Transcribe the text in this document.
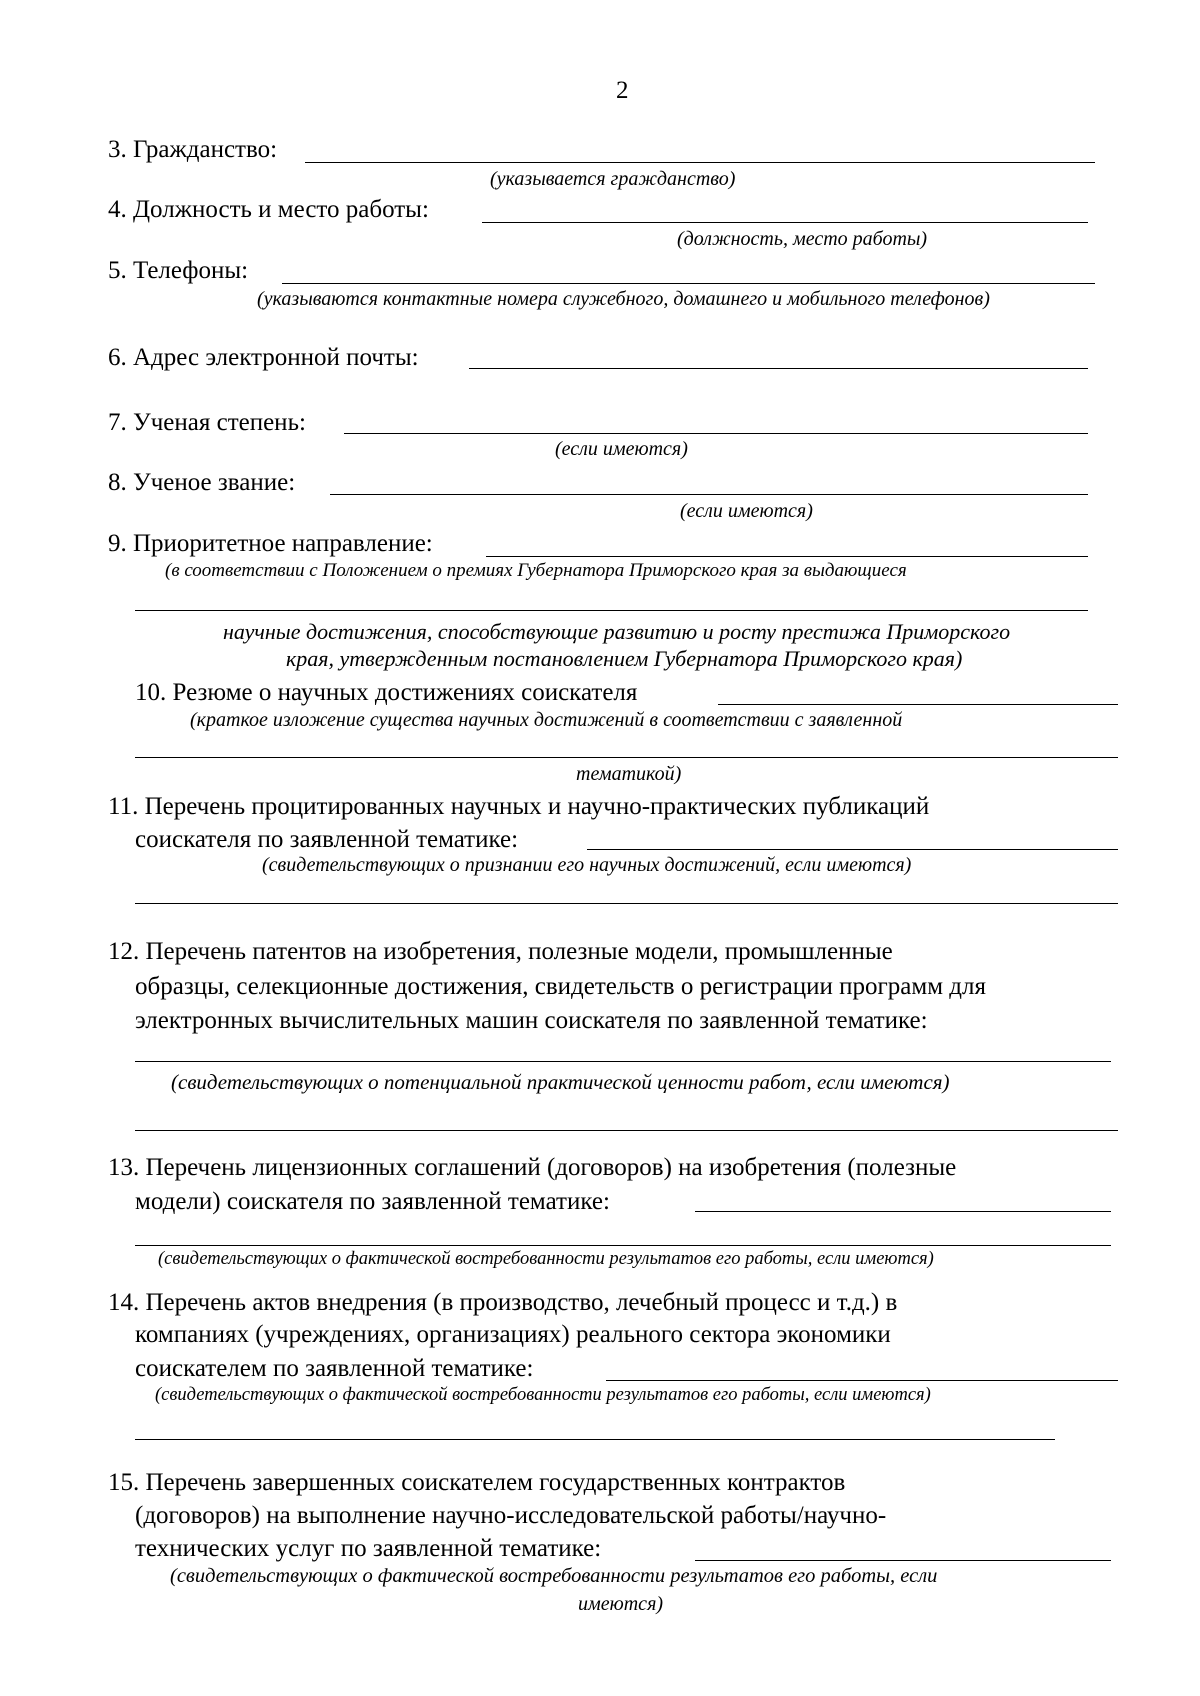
2
3. Гражданство:
(указывается гражданство)
4. Должность и место работы:
(должность, место работы)
5. Телефоны:
(указываются контактные номера служебного, домашнего и мобильного телефонов)
6. Адрес электронной почты:
7. Ученая степень:
(если имеются)
8. Ученое звание:
(если имеются)
9. Приоритетное направление:
(в соответствии с Положением о премиях Губернатора Приморского края за выдающиеся
научные достижения, способствующие развитию и росту престижа Приморского
края, утвержденным постановлением Губернатора Приморского края)
10. Резюме о научных достижениях соискателя
(краткое изложение существа научных достижений в соответствии с заявленной
тематикой)
11. Перечень процитированных научных и научно-практических публикаций
соискателя по заявленной тематике:
(свидетельствующих о признании его научных достижений, если имеются)
12. Перечень патентов на изобретения, полезные модели, промышленные
образцы, селекционные достижения, свидетельств о регистрации программ для
электронных вычислительных машин соискателя по заявленной тематике:
(свидетельствующих о потенциальной практической ценности работ, если имеются)
13. Перечень лицензионных соглашений (договоров) на изобретения (полезные
модели) соискателя по заявленной тематике:
(свидетельствующих о фактической востребованности результатов его работы, если имеются)
14. Перечень актов внедрения (в производство, лечебный процесс и т.д.) в
компаниях (учреждениях, организациях) реального сектора экономики
соискателем по заявленной тематике:
(свидетельствующих о фактической востребованности результатов его работы, если имеются)
15. Перечень завершенных соискателем государственных контрактов
(договоров) на выполнение научно-исследовательской работы/научно-
технических услуг по заявленной тематике:
(свидетельствующих о фактической востребованности результатов его работы, если
имеются)
